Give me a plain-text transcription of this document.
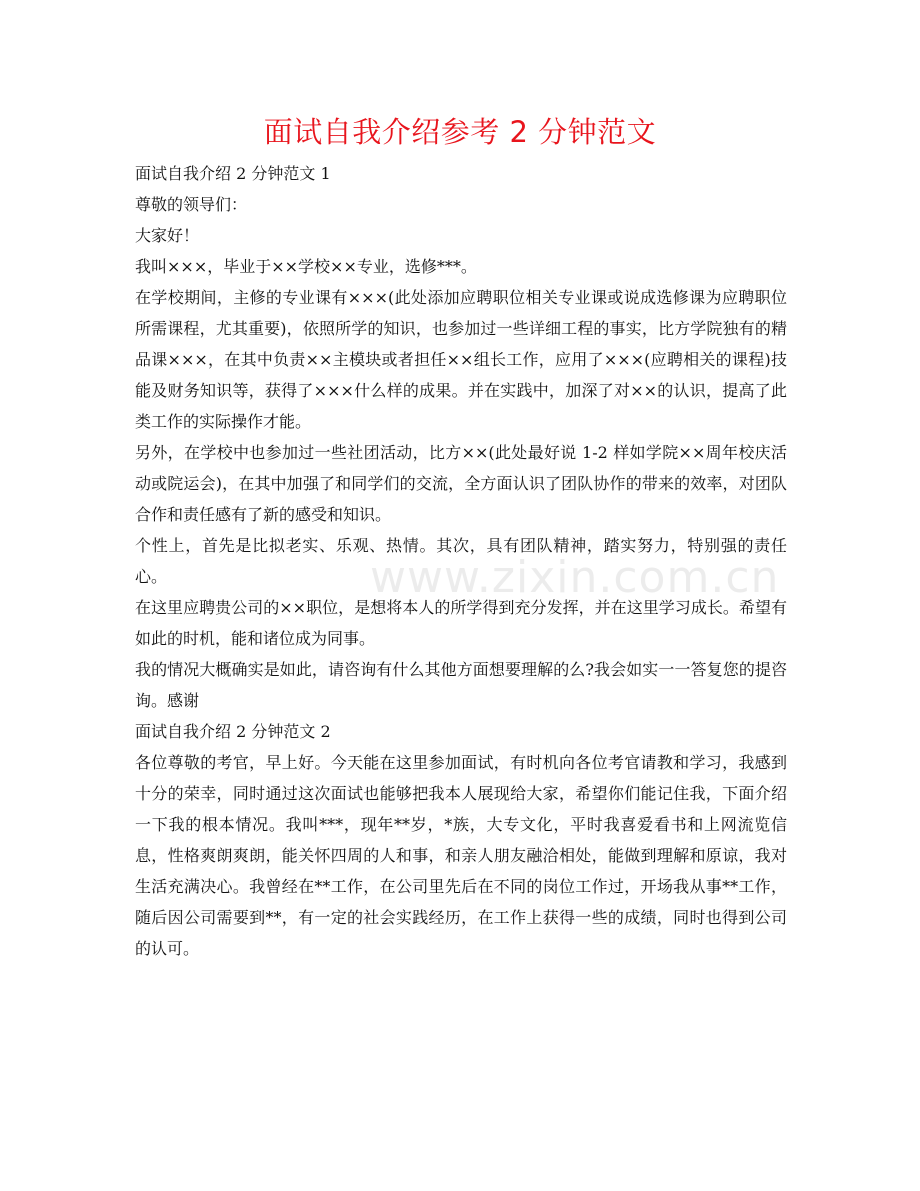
www.zixin.com.cn
面试自我介绍参考 2 分钟范文

面试自我介绍 2 分钟范文 1

尊敬的领导们：

大家好！

我叫×××，毕业于××学校××专业，选修***。

在学校期间，主修的专业课有×××(此处添加应聘职位相关专业课或说成选修课为应聘职位所需课程，尤其重要)，依照所学的知识，也参加过一些详细工程的事实，比方学院独有的精品课×××，在其中负责××主模块或者担任××组长工作，应用了×××(应聘相关的课程)技能及财务知识等，获得了×××什么样的成果。并在实践中，加深了对××的认识，提高了此类工作的实际操作才能。

另外，在学校中也参加过一些社团活动，比方××(此处最好说 1-2 样如学院××周年校庆活动或院运会)，在其中加强了和同学们的交流，全方面认识了团队协作的带来的效率，对团队合作和责任感有了新的感受和知识。

个性上，首先是比拟老实、乐观、热情。其次，具有团队精神，踏实努力，特别强的责任心。

在这里应聘贵公司的××职位，是想将本人的所学得到充分发挥，并在这里学习成长。希望有如此的时机，能和诸位成为同事。

我的情况大概确实是如此，请咨询有什么其他方面想要理解的么?我会如实一一答复您的提咨询。感谢

面试自我介绍 2 分钟范文 2

各位尊敬的考官，早上好。今天能在这里参加面试，有时机向各位考官请教和学习，我感到十分的荣幸，同时通过这次面试也能够把我本人展现给大家，希望你们能记住我，下面介绍一下我的根本情况。我叫***，现年**岁，*族，大专文化，平时我喜爱看书和上网流览信息，性格爽朗爽朗，能关怀四周的人和事，和亲人朋友融洽相处，能做到理解和原谅，我对生活充满决心。我曾经在**工作，在公司里先后在不同的岗位工作过，开场我从事**工作，随后因公司需要到**，有一定的社会实践经历，在工作上获得一些的成绩，同时也得到公司的认可。
